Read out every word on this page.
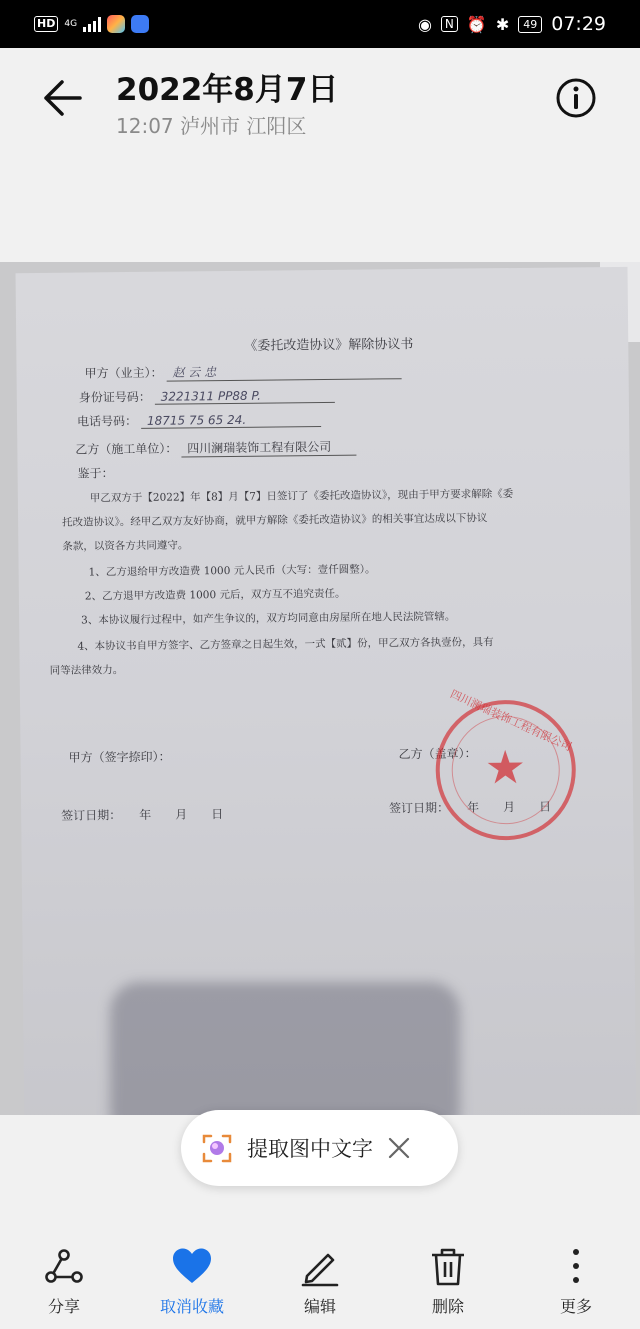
HD	4G	◉	N ⏰ ✱	49 07:29
2022年8月7日
12:07 泸州市 江阳区
《委托改造协议》解除协议书
甲方（业主）： 赵 云 忠
身份证号码： 3221311 PP88 P.
电话号码： 18715 75 65 24.
乙方（施工单位）： 四川澜瑞装饰工程有限公司
鉴于：
甲乙双方于【2022】年【8】月【7】日签订了《委托改造协议》，现由于甲方要求解除《委
托改造协议》。经甲乙双方友好协商，就甲方解除《委托改造协议》的相关事宜达成以下协议
条款，以资各方共同遵守。
1、乙方退给甲方改造费 1000 元人民币（大写：壹仟圆整）。
2、乙方退甲方改造费 1000 元后，双方互不追究责任。
3、本协议履行过程中，如产生争议的，双方均同意由房屋所在地人民法院管辖。
4、本协议书自甲方签字、乙方签章之日起生效，一式【贰】份，甲乙双方各执壹份，具有
同等法律效力。
甲方（签字捺印）：	乙方（盖章）：
签订日期：　　年　　月　　日	签订日期：　　年　　月　　日
四川澜瑞装饰工程有限公司
★
提取图中文字
分享	取消收藏	编辑	删除	更多
